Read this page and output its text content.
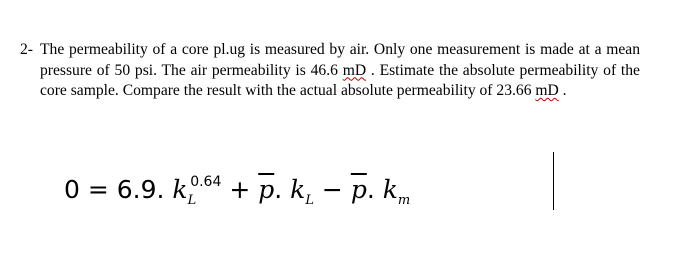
2- The permeability of a core pl.ug is measured by air. Only one measurement is made at a mean pressure of 50 psi. The air permeability is 46.6 mD . Estimate the absolute permeability of the core sample. Compare the result with the actual absolute permeability of 23.66 mD .
0 = 6.9. $k_L^{0.64} + \overline{p}$. $k_L - \overline{p}$. $k_m$
